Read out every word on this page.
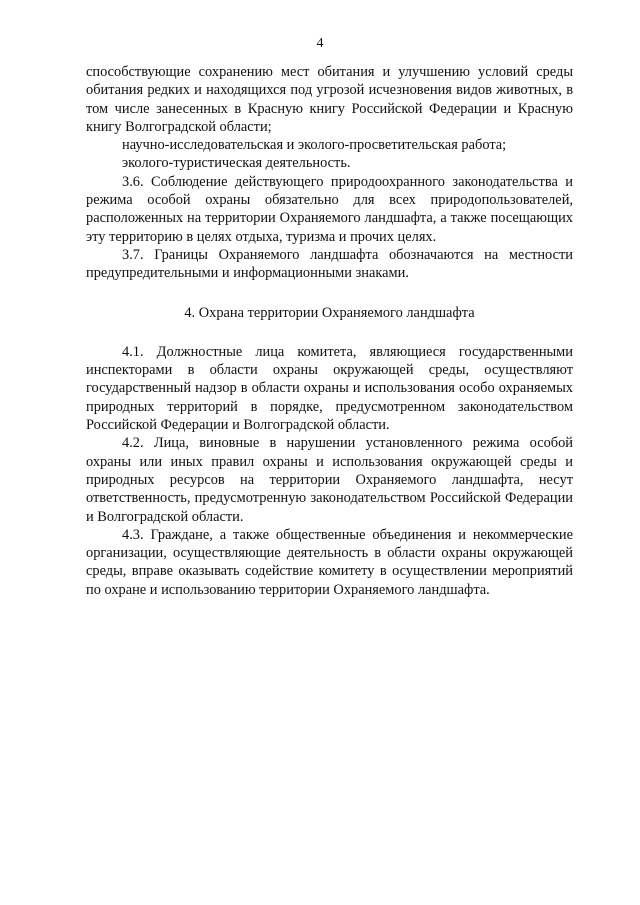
4

способствующие сохранению мест обитания и улучшению условий среды обитания редких и находящихся под угрозой исчезновения видов животных, в том числе занесенных в Красную книгу Российской Федерации и Красную книгу Волгоградской области;

научно-исследовательская и эколого-просветительская работа;

эколого-туристическая деятельность.

3.6. Соблюдение действующего природоохранного законодательства и режима особой охраны обязательно для всех природопользователей, расположенных на территории Охраняемого ландшафта, а также посещающих эту территорию в целях отдыха, туризма и прочих целях.

3.7. Границы Охраняемого ландшафта обозначаются на местности предупредительными и информационными знаками.

4. Охрана территории Охраняемого ландшафта

4.1. Должностные лица комитета, являющиеся государственными инспекторами в области охраны окружающей среды, осуществляют государственный надзор в области охраны и использования особо охраняемых природных территорий в порядке, предусмотренном законодательством Российской Федерации и Волгоградской области.

4.2. Лица, виновные в нарушении установленного режима особой охраны или иных правил охраны и использования окружающей среды и природных ресурсов на территории Охраняемого ландшафта, несут ответственность, предусмотренную законодательством Российской Федерации и Волгоградской области.

4.3. Граждане, а также общественные объединения и некоммерческие организации, осуществляющие деятельность в области охраны окружающей среды, вправе оказывать содействие комитету в осуществлении мероприятий по охране и использованию территории Охраняемого ландшафта.
